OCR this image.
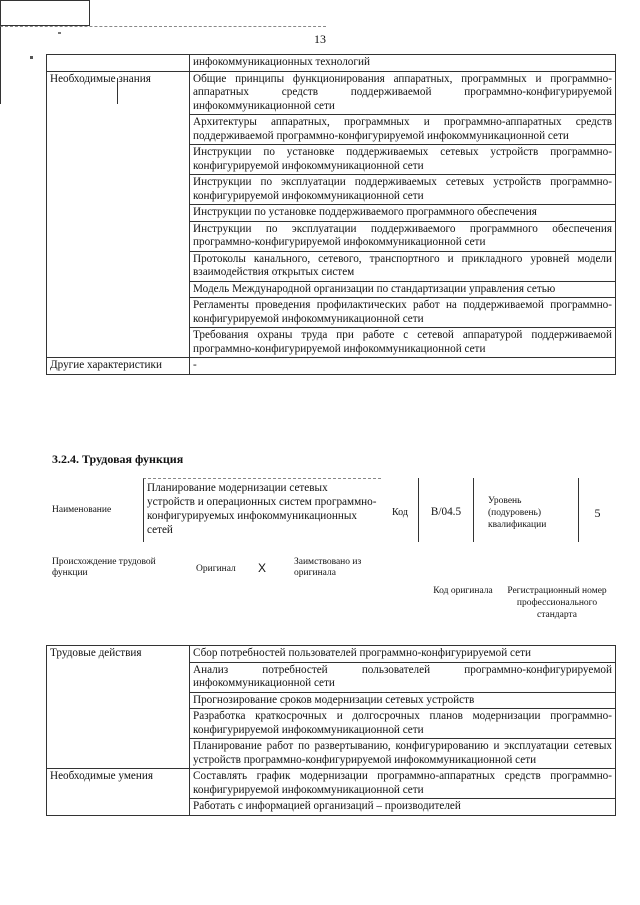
13
	инфокоммуникационных технологий
Необходимые знания	Общие принципы функционирования аппаратных, программных и программно-аппаратных средств поддерживаемой программно-конфигурируемой инфокоммуникационной сети
	Архитектуры аппаратных, программных и программно-аппаратных средств поддерживаемой программно-конфигурируемой инфокоммуникационной сети
	Инструкции по установке поддерживаемых сетевых устройств программно-конфигурируемой инфокоммуникационной сети
	Инструкции по эксплуатации поддерживаемых сетевых устройств программно-конфигурируемой инфокоммуникационной сети
	Инструкции по установке поддерживаемого программного обеспечения
	Инструкции по эксплуатации поддерживаемого программного обеспечения программно-конфигурируемой инфокоммуникационной сети
	Протоколы канального, сетевого, транспортного и прикладного уровней модели взаимодействия открытых систем
	Модель Международной организации по стандартизации управления сетью
	Регламенты проведения профилактических работ на поддерживаемой программно-конфигурируемой инфокоммуникационной сети
	Требования охраны труда при работе с сетевой аппаратурой поддерживаемой программно-конфигурируемой инфокоммуникационной сети
Другие характеристики	-
3.2.4. Трудовая функция
Наименование
Планирование модернизации сетевых устройств и операционных систем программно-конфигурируемых инфокоммуникационных сетей
Код	B/04.5
Уровень (подуровень) квалификации
5
Происхождение трудовой функции	Оригинал X	Заимствовано из оригинала
Код оригинала	Регистрационный номер профессионального стандарта
Трудовые действия	Сбор потребностей пользователей программно-конфигурируемой сети
	Анализ потребностей пользователей программно-конфигурируемой инфокоммуникационной сети
	Прогнозирование сроков модернизации сетевых устройств
	Разработка краткосрочных и долгосрочных планов модернизации программно-конфигурируемой инфокоммуникационной сети
	Планирование работ по развертыванию, конфигурированию и эксплуатации сетевых устройств программно-конфигурируемой инфокоммуникационной сети
Необходимые умения	Составлять график модернизации программно-аппаратных средств программно-конфигурируемой инфокоммуникационной сети
	Работать с информацией организаций – производителей
